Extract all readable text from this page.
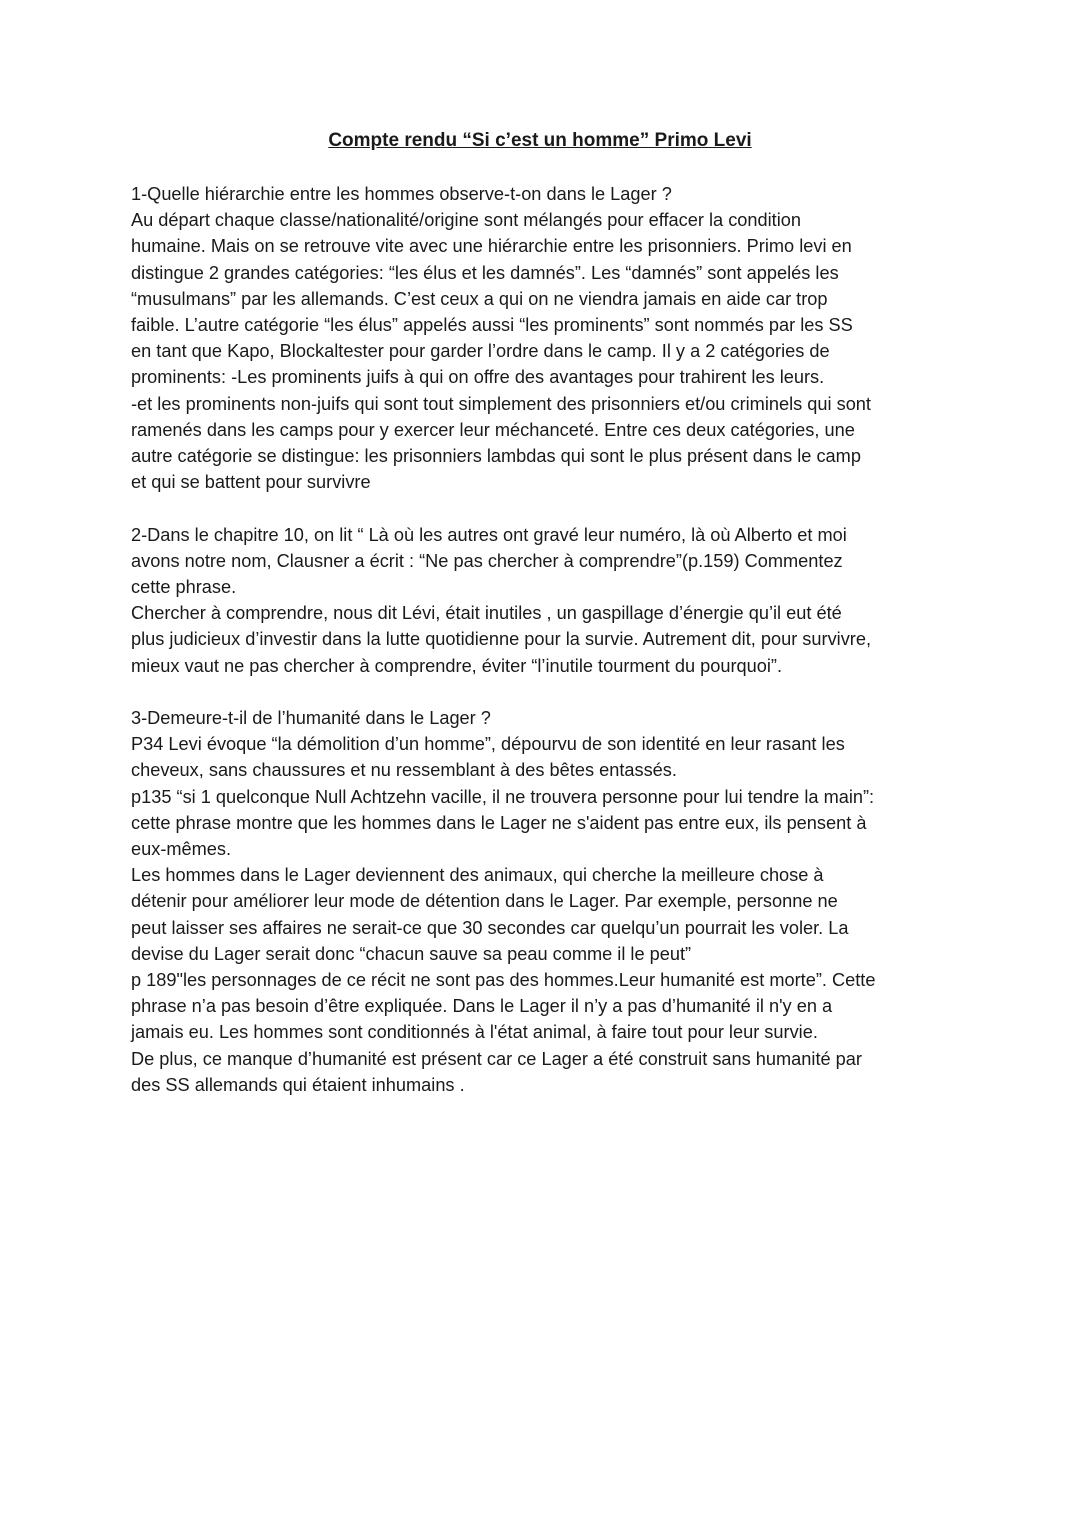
Compte rendu “Si c’est un homme” Primo Levi
1-Quelle hiérarchie entre les hommes observe-t-on dans le Lager ?
Au départ chaque classe/nationalité/origine sont mélangés pour effacer la condition
humaine. Mais on se retrouve vite avec une hiérarchie entre les prisonniers. Primo levi en
distingue 2 grandes catégories: “les élus et les damnés”. Les “damnés” sont appelés les
“musulmans” par les allemands. C’est ceux a qui on ne viendra jamais en aide car trop
faible. L’autre catégorie “les élus” appelés aussi “les prominents” sont nommés par les SS
en tant que Kapo, Blockaltester pour garder l’ordre dans le camp. Il y a 2 catégories de
prominents: -Les prominents juifs à qui on offre des avantages pour trahirent les leurs.
-et les prominents non-juifs qui sont tout simplement des prisonniers et/ou criminels qui sont
ramenés dans les camps pour y exercer leur méchanceté. Entre ces deux catégories, une
autre catégorie se distingue: les prisonniers lambdas qui sont le plus présent dans le camp
et qui se battent pour survivre
2-Dans le chapitre 10, on lit “ Là où les autres ont gravé leur numéro, là où Alberto et moi
avons notre nom, Clausner a écrit : “Ne pas chercher à comprendre”(p.159) Commentez
cette phrase.
Chercher à comprendre, nous dit Lévi, était inutiles , un gaspillage d’énergie qu’il eut été
plus judicieux d’investir dans la lutte quotidienne pour la survie. Autrement dit, pour survivre,
mieux vaut ne pas chercher à comprendre, éviter “l’inutile tourment du pourquoi”.
3-Demeure-t-il de l’humanité dans le Lager ?
P34 Levi évoque “la démolition d’un homme”, dépourvu de son identité en leur rasant les
cheveux, sans chaussures et nu ressemblant à des bêtes entassés.
p135 “si 1 quelconque Null Achtzehn vacille, il ne trouvera personne pour lui tendre la main”:
cette phrase montre que les hommes dans le Lager ne s'aident pas entre eux, ils pensent à
eux-mêmes.
Les hommes dans le Lager deviennent des animaux, qui cherche la meilleure chose à
détenir pour améliorer leur mode de détention dans le Lager. Par exemple, personne ne
peut laisser ses affaires ne serait-ce que 30 secondes car quelqu’un pourrait les voler. La
devise du Lager serait donc “chacun sauve sa peau comme il le peut”
p 189"les personnages de ce récit ne sont pas des hommes.Leur humanité est morte”. Cette
phrase n’a pas besoin d’être expliquée. Dans le Lager il n’y a pas d’humanité il n'y en a
jamais eu. Les hommes sont conditionnés à l'état animal, à faire tout pour leur survie.
De plus, ce manque d’humanité est présent car ce Lager a été construit sans humanité par
des SS allemands qui étaient inhumains .
